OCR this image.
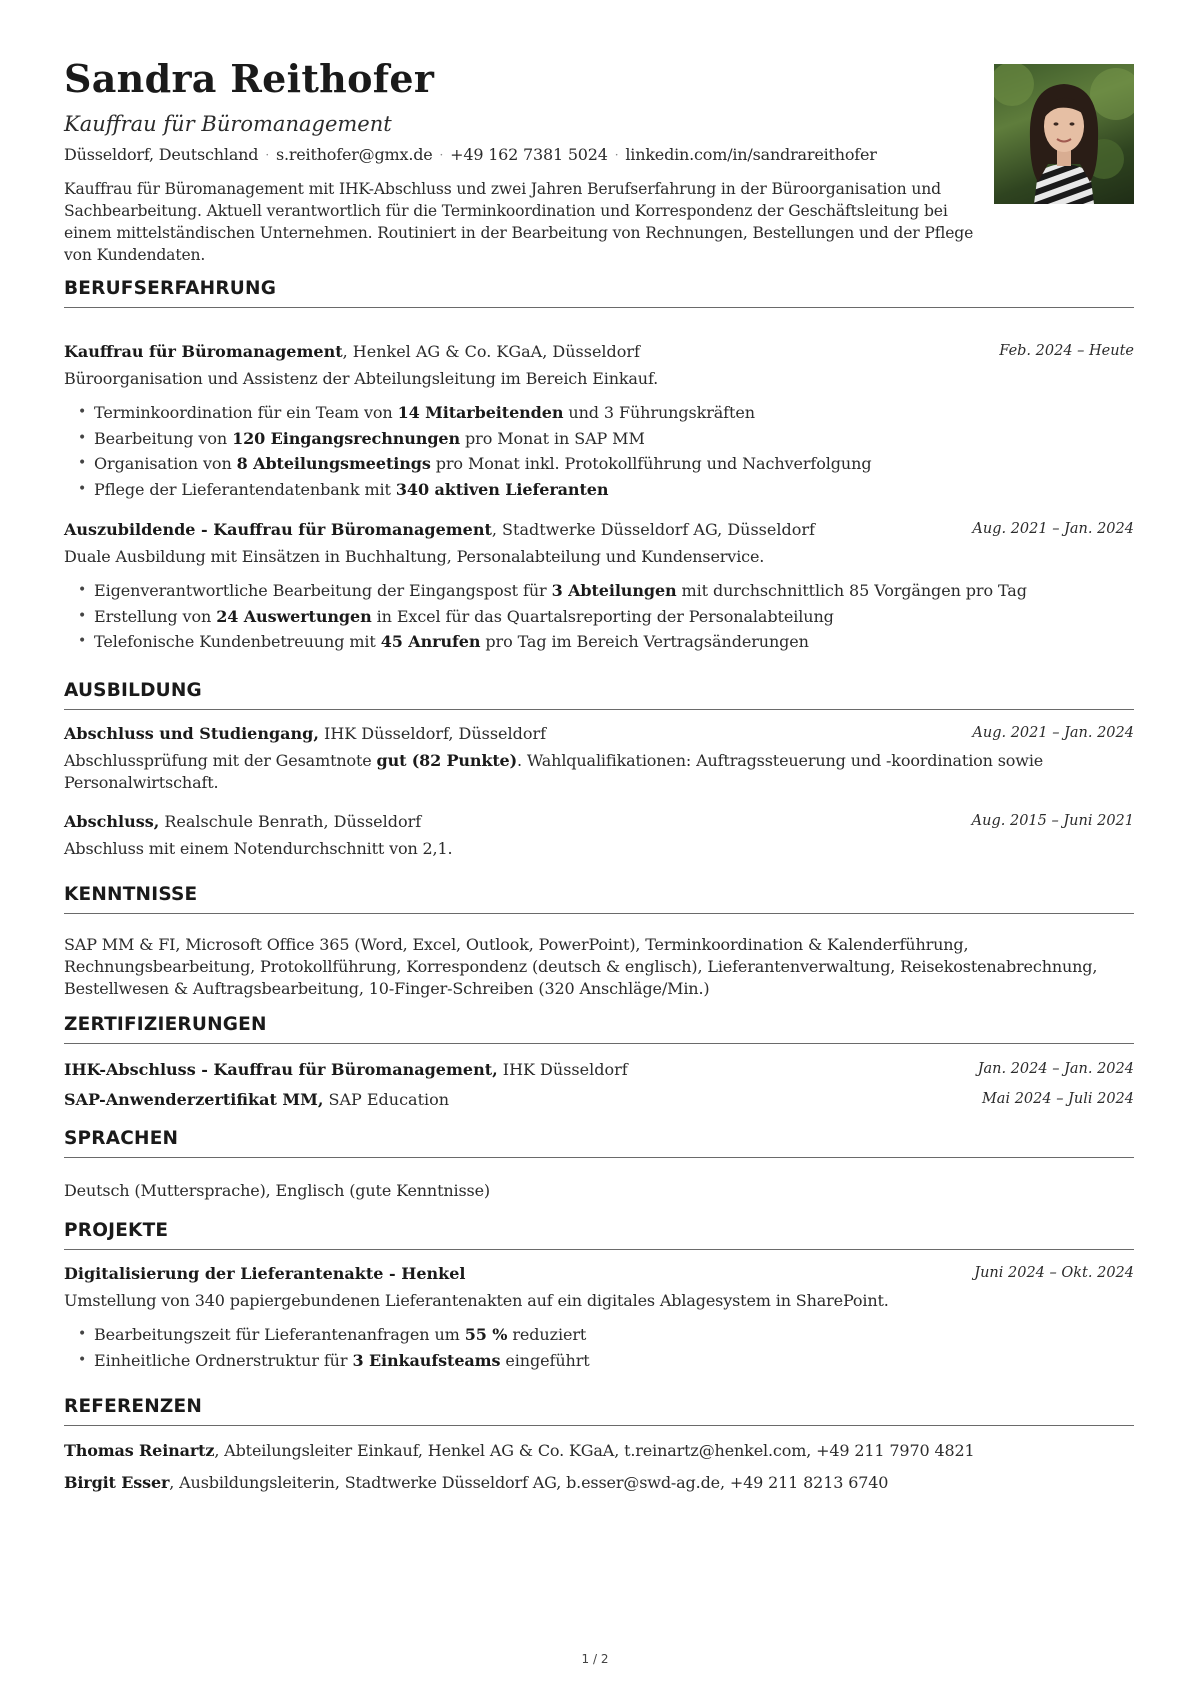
Sandra Reithofer
Kauffrau für Büromanagement
Düsseldorf, Deutschland · s.reithofer@gmx.de · +49 162 7381 5024 · linkedin.com/in/sandrareithofer

Kauffrau für Büromanagement mit IHK-Abschluss und zwei Jahren Berufserfahrung in der Büroorganisation und Sachbearbeitung. Aktuell verantwortlich für die Terminkoordination und Korrespondenz der Geschäftsleitung bei einem mittelständischen Unternehmen. Routiniert in der Bearbeitung von Rechnungen, Bestellungen und der Pflege von Kundendaten.

BERUFSERFAHRUNG
Kauffrau für Büromanagement, Henkel AG & Co. KGaA, Düsseldorf	Feb. 2024 – Heute
Büroorganisation und Assistenz der Abteilungsleitung im Bereich Einkauf.
• Terminkoordination für ein Team von 14 Mitarbeitenden und 3 Führungskräften
• Bearbeitung von 120 Eingangsrechnungen pro Monat in SAP MM
• Organisation von 8 Abteilungsmeetings pro Monat inkl. Protokollführung und Nachverfolgung
• Pflege der Lieferantendatenbank mit 340 aktiven Lieferanten
Auszubildende - Kauffrau für Büromanagement, Stadtwerke Düsseldorf AG, Düsseldorf	Aug. 2021 – Jan. 2024
Duale Ausbildung mit Einsätzen in Buchhaltung, Personalabteilung und Kundenservice.
• Eigenverantwortliche Bearbeitung der Eingangspost für 3 Abteilungen mit durchschnittlich 85 Vorgängen pro Tag
• Erstellung von 24 Auswertungen in Excel für das Quartalsreporting der Personalabteilung
• Telefonische Kundenbetreuung mit 45 Anrufen pro Tag im Bereich Vertragsänderungen
AUSBILDUNG
Abschluss und Studiengang, IHK Düsseldorf, Düsseldorf	Aug. 2021 – Jan. 2024
Abschlussprüfung mit der Gesamtnote gut (82 Punkte). Wahlqualifikationen: Auftragssteuerung und -koordination sowie Personalwirtschaft.
Abschluss, Realschule Benrath, Düsseldorf	Aug. 2015 – Juni 2021
Abschluss mit einem Notendurchschnitt von 2,1.
KENNTNISSE
SAP MM & FI, Microsoft Office 365 (Word, Excel, Outlook, PowerPoint), Terminkoordination & Kalenderführung, Rechnungsbearbeitung, Protokollführung, Korrespondenz (deutsch & englisch), Lieferantenverwaltung, Reisekostenabrechnung, Bestellwesen & Auftragsbearbeitung, 10-Finger-Schreiben (320 Anschläge/Min.)
ZERTIFIZIERUNGEN
IHK-Abschluss - Kauffrau für Büromanagement, IHK Düsseldorf	Jan. 2024 – Jan. 2024
SAP-Anwenderzertifikat MM, SAP Education	Mai 2024 – Juli 2024
SPRACHEN
Deutsch (Muttersprache), Englisch (gute Kenntnisse)
PROJEKTE
Digitalisierung der Lieferantenakte - Henkel	Juni 2024 – Okt. 2024
Umstellung von 340 papiergebundenen Lieferantenakten auf ein digitales Ablagesystem in SharePoint.
• Bearbeitungszeit für Lieferantenanfragen um 55 % reduziert
• Einheitliche Ordnerstruktur für 3 Einkaufsteams eingeführt
REFERENZEN
Thomas Reinartz, Abteilungsleiter Einkauf, Henkel AG & Co. KGaA, t.reinartz@henkel.com, +49 211 7970 4821
Birgit Esser, Ausbildungsleiterin, Stadtwerke Düsseldorf AG, b.esser@swd-ag.de, +49 211 8213 6740
1 / 2
